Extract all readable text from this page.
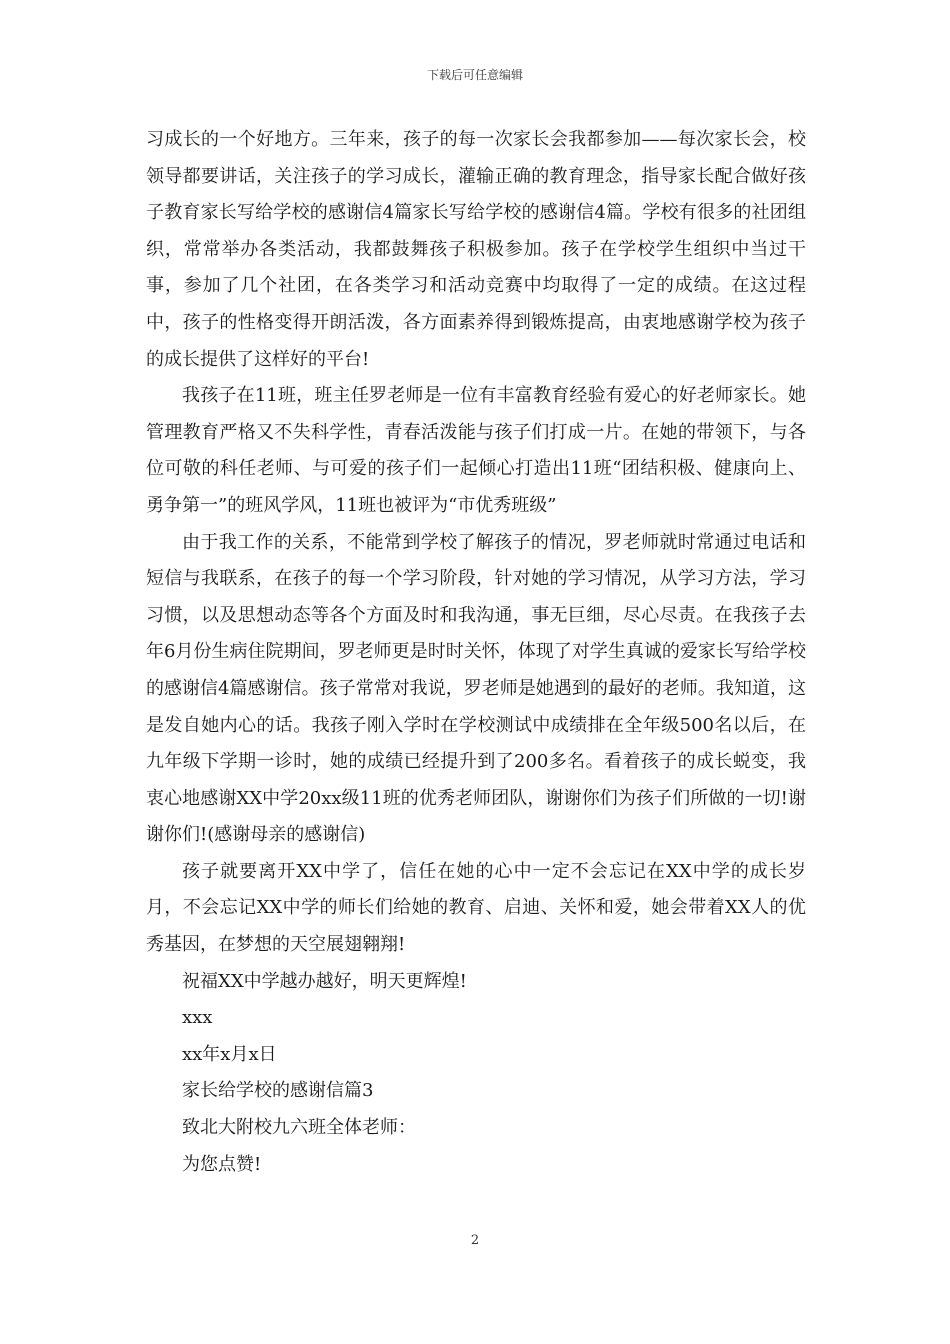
下载后可任意编辑

习成长的一个好地方。三年来，孩子的每一次家长会我都参加——每次家长会，校领导都要讲话，关注孩子的学习成长，灌输正确的教育理念，指导家长配合做好孩子教育家长写给学校的感谢信4篇家长写给学校的感谢信4篇。学校有很多的社团组织，常常举办各类活动，我都鼓舞孩子积极参加。孩子在学校学生组织中当过干事，参加了几个社团，在各类学习和活动竞赛中均取得了一定的成绩。在这过程中，孩子的性格变得开朗活泼，各方面素养得到锻炼提高，由衷地感谢学校为孩子的成长提供了这样好的平台!

我孩子在11班，班主任罗老师是一位有丰富教育经验有爱心的好老师家长。她管理教育严格又不失科学性，青春活泼能与孩子们打成一片。在她的带领下，与各位可敬的科任老师、与可爱的孩子们一起倾心打造出11班“团结积极、健康向上、勇争第一”的班风学风，11班也被评为“市优秀班级”

由于我工作的关系，不能常到学校了解孩子的情况，罗老师就时常通过电话和短信与我联系，在孩子的每一个学习阶段，针对她的学习情况，从学习方法，学习习惯，以及思想动态等各个方面及时和我沟通，事无巨细，尽心尽责。在我孩子去年6月份生病住院期间，罗老师更是时时关怀，体现了对学生真诚的爱家长写给学校的感谢信4篇感谢信。孩子常常对我说，罗老师是她遇到的最好的老师。我知道，这是发自她内心的话。我孩子刚入学时在学校测试中成绩排在全年级500名以后，在九年级下学期一诊时，她的成绩已经提升到了200多名。看着孩子的成长蜕变，我衷心地感谢XX中学20xx级11班的优秀老师团队，谢谢你们为孩子们所做的一切!谢谢你们!(感谢母亲的感谢信)

孩子就要离开XX中学了，信任在她的心中一定不会忘记在XX中学的成长岁月，不会忘记XX中学的师长们给她的教育、启迪、关怀和爱，她会带着XX人的优秀基因，在梦想的天空展翅翱翔!

祝福XX中学越办越好，明天更辉煌!

xxx

xx年x月x日

家长给学校的感谢信篇3

致北大附校九六班全体老师：

为您点赞!

2
